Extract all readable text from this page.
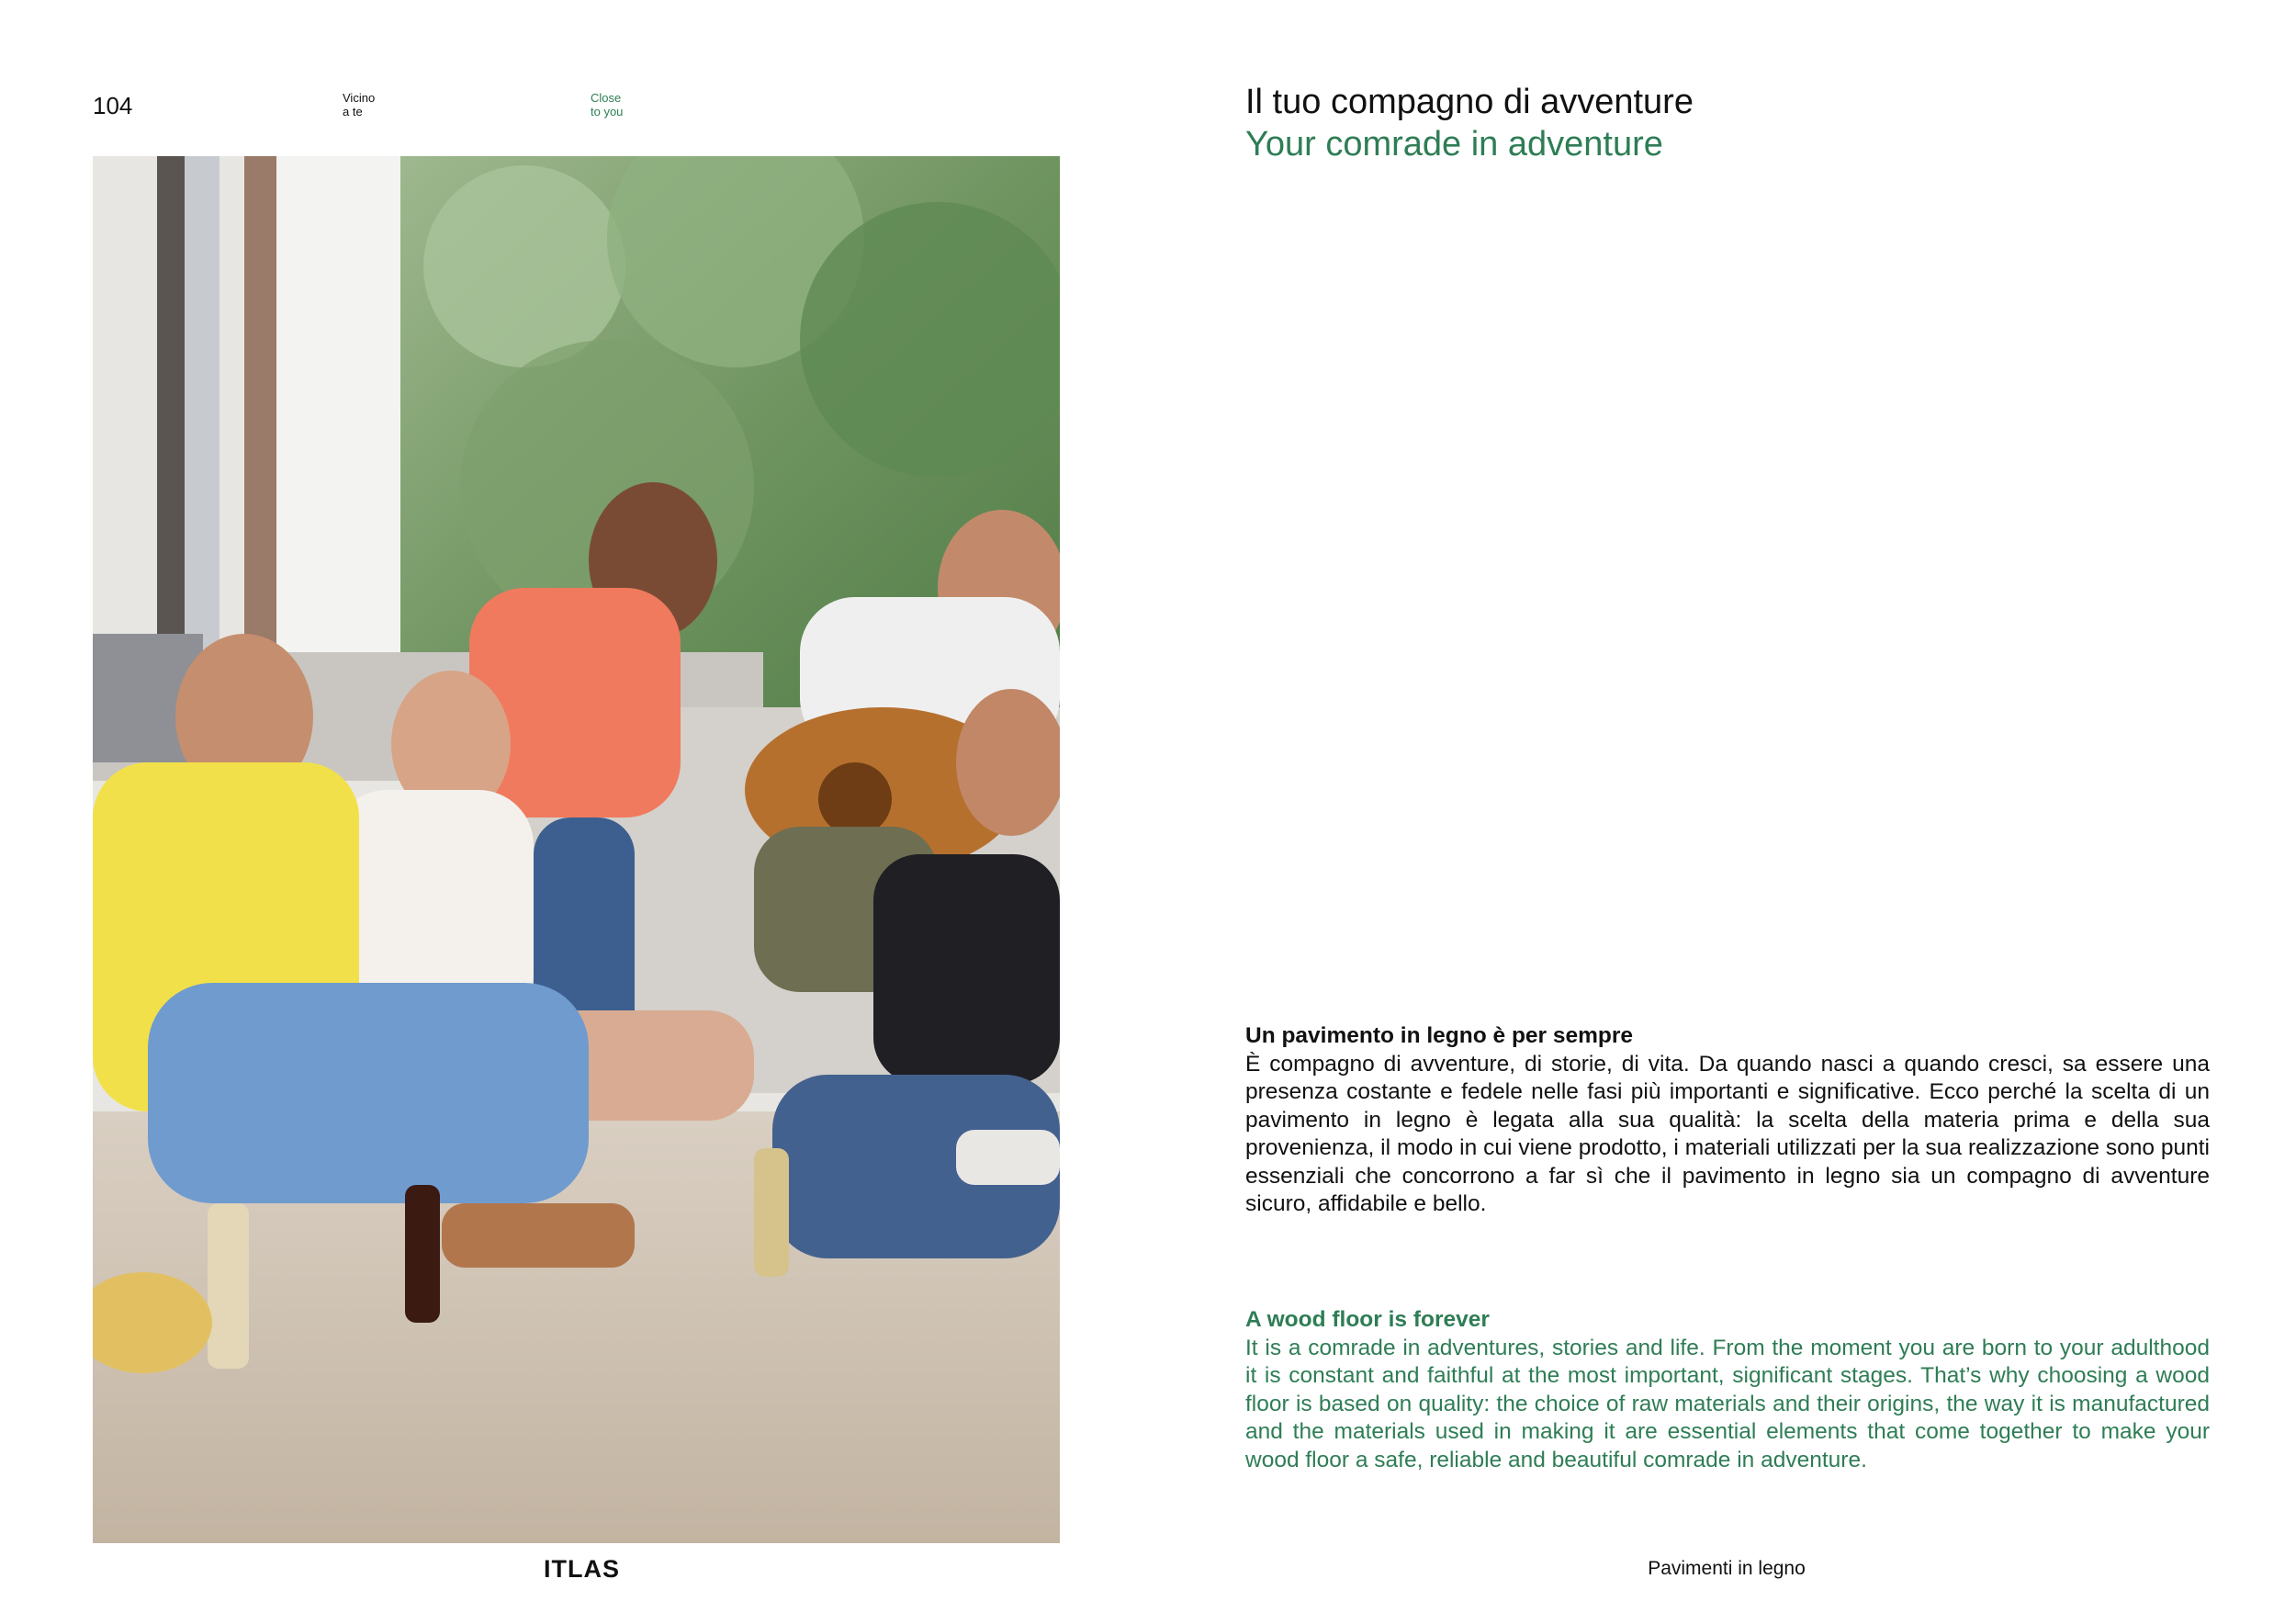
104	Vicino
a te
Close
to you
ITLAS	Pavimenti in legno
Il tuo compagno di avventure
Your comrade in adventure
Un pavimento in legno è per sempre
È compagno di avventure, di storie, di vita. Da quando nasci a quando cresci, sa essere una presenza costante e fedele nelle fasi più importanti e significative. Ecco perché la scelta di un pavimento in legno è legata alla sua qualità: la scelta della materia prima e della sua provenienza, il modo in cui viene prodotto, i materiali utilizzati per la sua realizzazione sono punti essenziali che concorrono a far sì che il pavimento in legno sia un compagno di avventure sicuro, affidabile e bello.
A wood floor is forever
It is a comrade in adventures, stories and life. From the moment you are born to your adulthood it is constant and faithful at the most important, significant stages. That’s why choosing a wood floor is based on quality: the choice of raw materials and their origins, the way it is manufactured and the materials used in making it are essential elements that come together to make your wood floor a safe, reliable and beautiful comrade in adventure.
